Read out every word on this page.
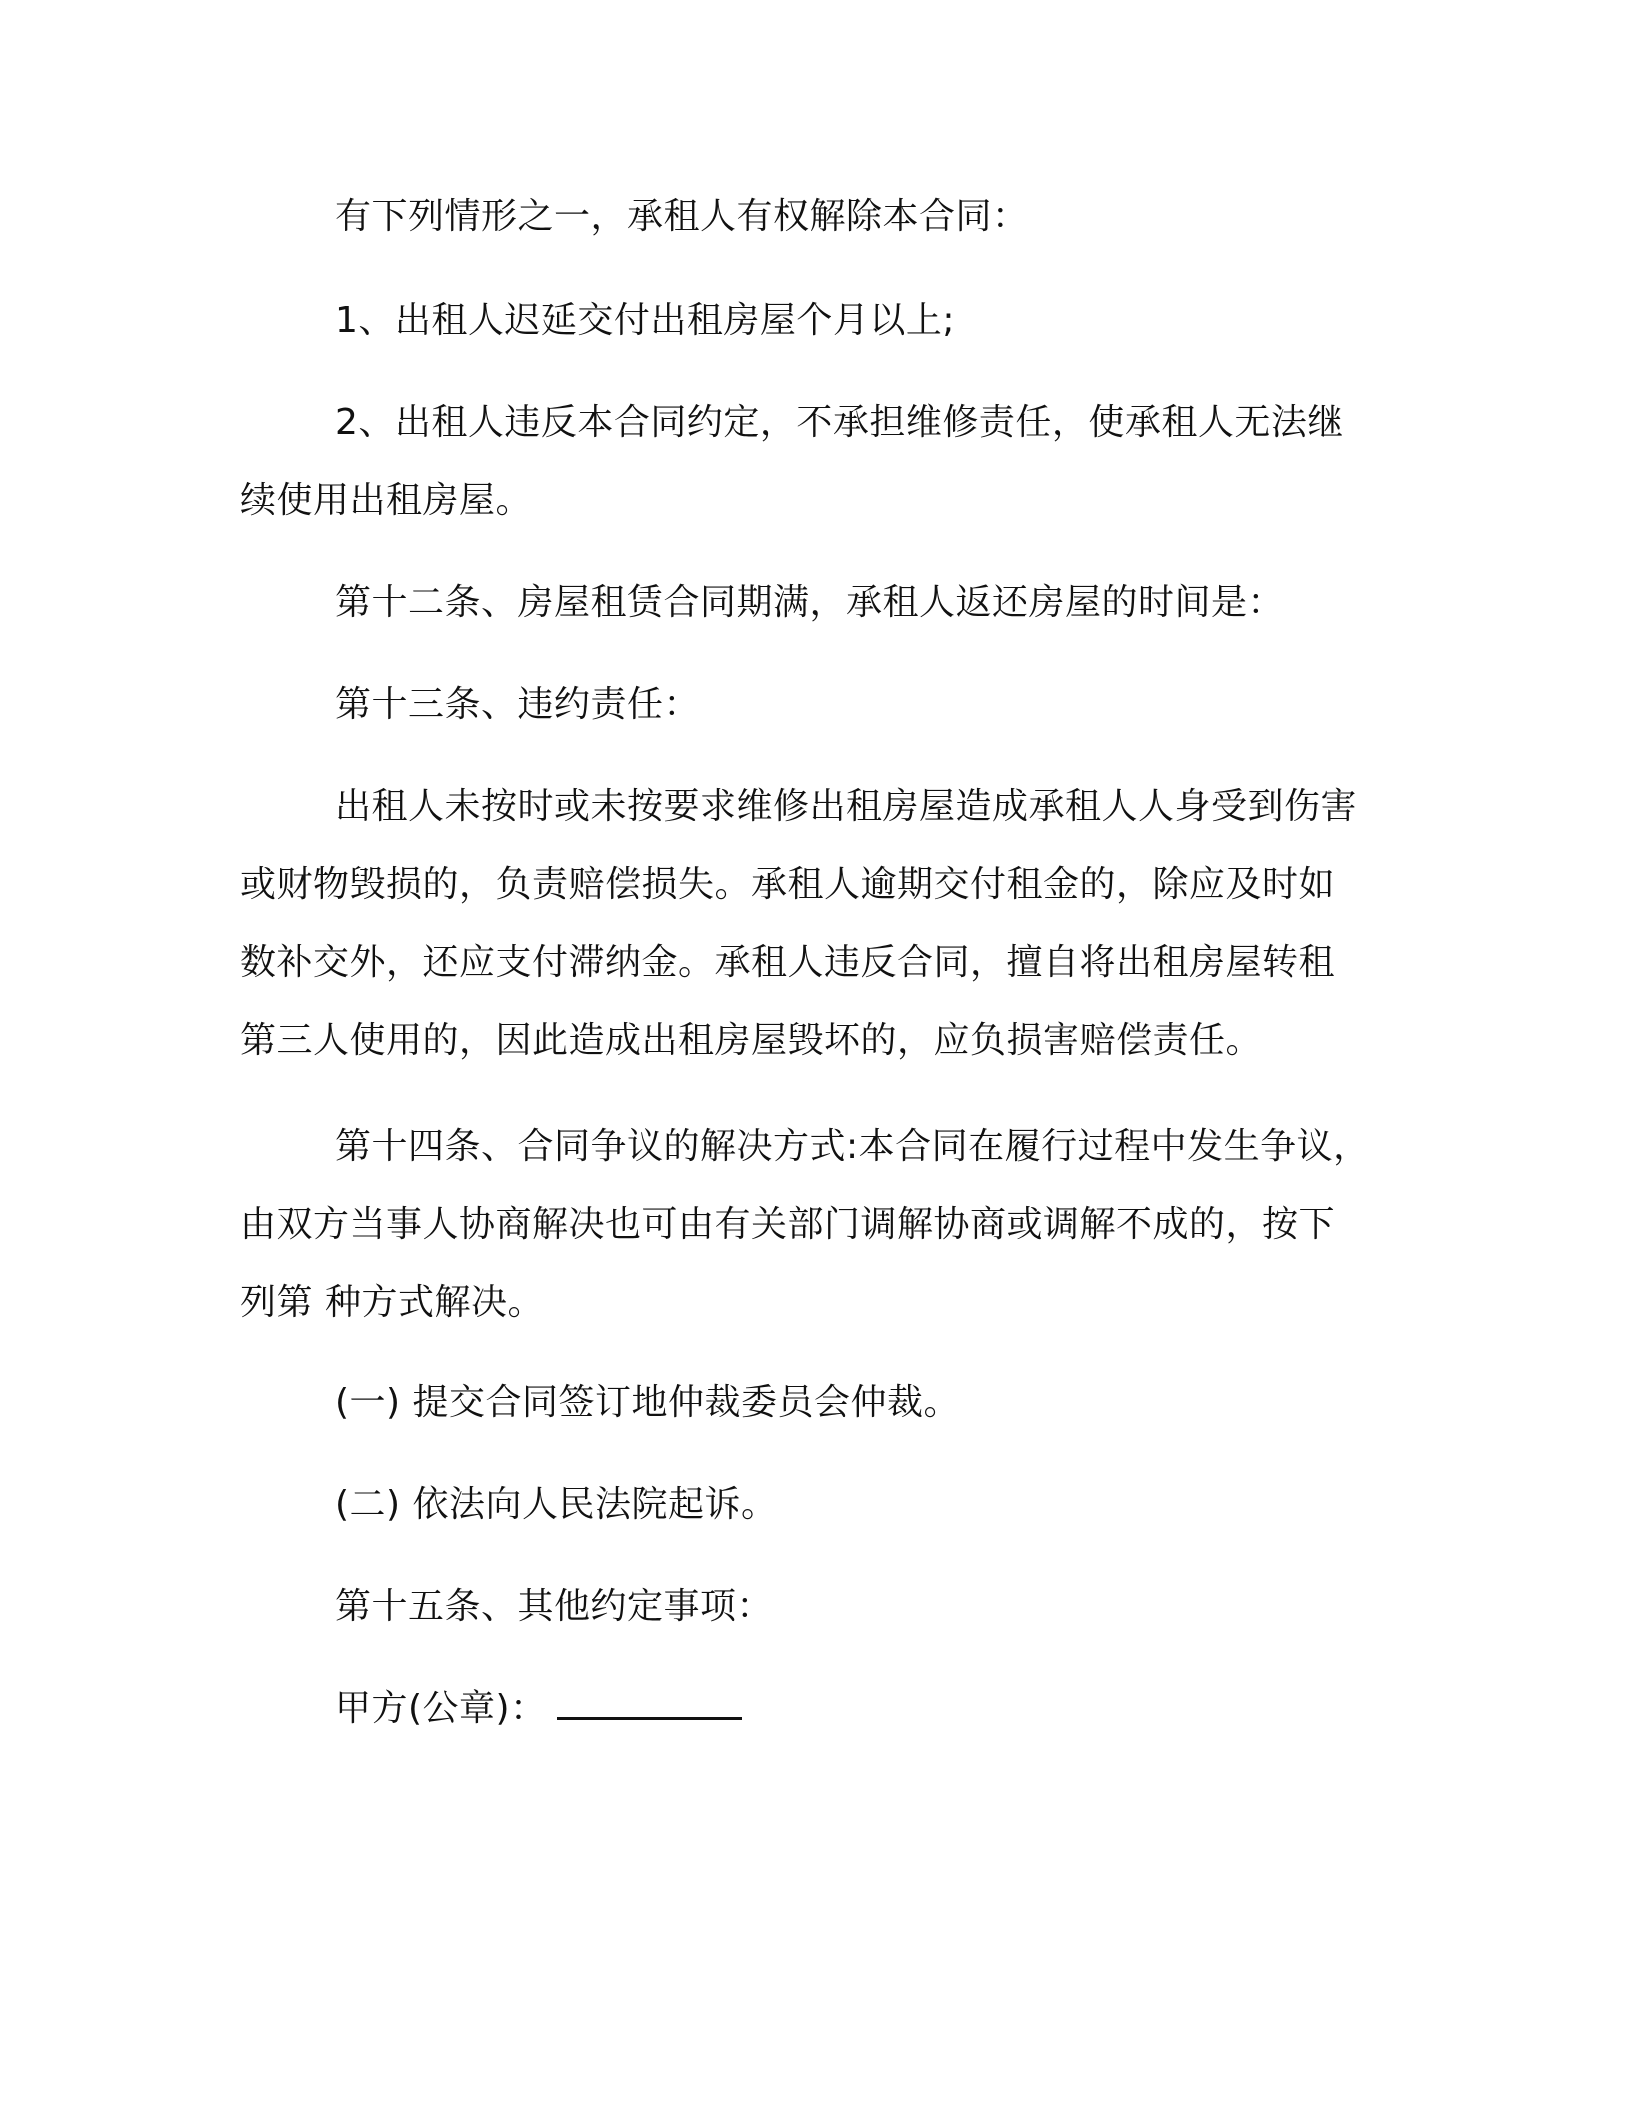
有下列情形之一，承租人有权解除本合同：

1、出租人迟延交付出租房屋个月以上;

2、出租人违反本合同约定，不承担维修责任，使承租人无法继
续使用出租房屋。

第十二条、房屋租赁合同期满，承租人返还房屋的时间是：

第十三条、违约责任：

出租人未按时或未按要求维修出租房屋造成承租人人身受到伤害
或财物毁损的，负责赔偿损失。承租人逾期交付租金的，除应及时如
数补交外，还应支付滞纳金。承租人违反合同，擅自将出租房屋转租
第三人使用的，因此造成出租房屋毁坏的，应负损害赔偿责任。

第十四条、合同争议的解决方式:本合同在履行过程中发生争议，
由双方当事人协商解决也可由有关部门调解协商或调解不成的，按下
列第 种方式解决。

(一) 提交合同签订地仲裁委员会仲裁。

(二) 依法向人民法院起诉。

第十五条、其他约定事项：

甲方(公章)：
